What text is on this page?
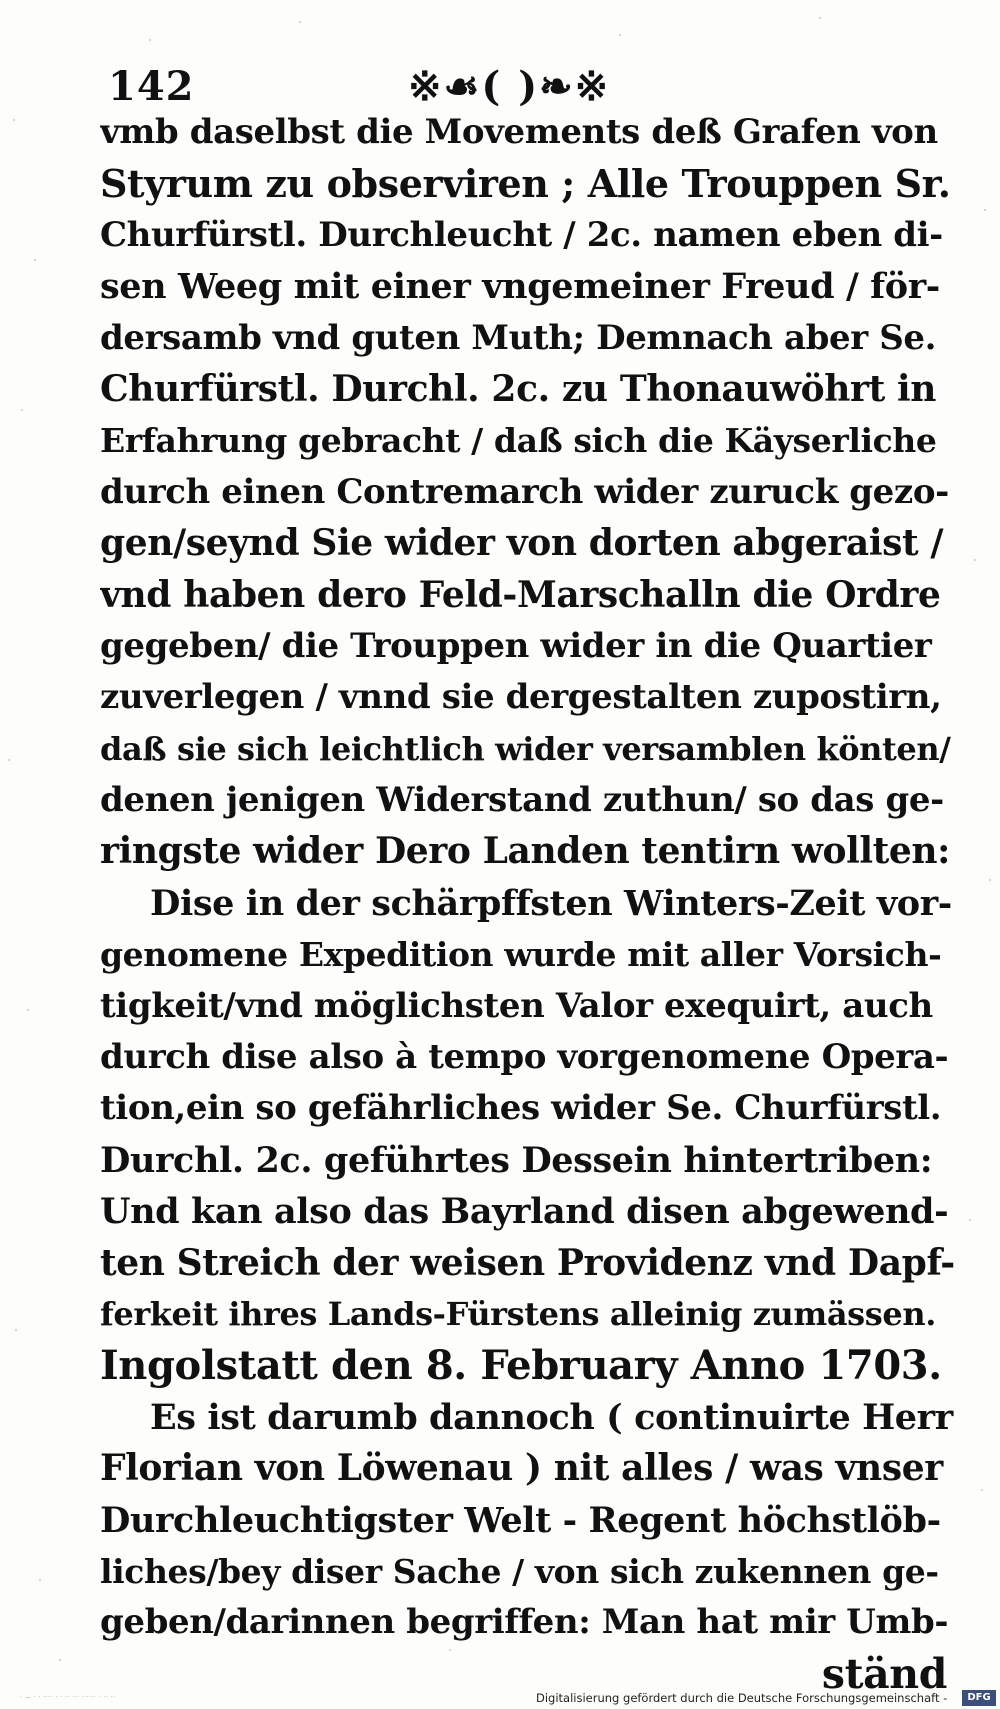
142	※☙( )❧※
vmb daselbst die Movements deß Grafen von
Styrum zu observiren ; Alle Trouppen Sr.
Churfürstl. Durchleucht / 2c. namen eben di-
sen Weeg mit einer vngemeiner Freud / för-
dersamb vnd guten Muth; Demnach aber Se.
Churfürstl. Durchl. 2c. zu Thonauwöhrt in
Erfahrung gebracht / daß sich die Käyserliche
durch einen Contremarch wider zuruck gezo-
gen/seynd Sie wider von dorten abgeraist /
vnd haben dero Feld-Marschalln die Ordre
gegeben/ die Trouppen wider in die Quartier
zuverlegen / vnnd sie dergestalten zupostirn,
daß sie sich leichtlich wider versamblen könten/
denen jenigen Widerstand zuthun/ so das ge-
ringste wider Dero Landen tentirn wollten:
Dise in der schärpffsten Winters-Zeit vor-
genomene Expedition wurde mit aller Vorsich-
tigkeit/vnd möglichsten Valor exequirt, auch
durch dise also à tempo vorgenomene Opera-
tion,ein so gefährliches wider Se. Churfürstl.
Durchl. 2c. geführtes Dessein hintertriben:
Und kan also das Bayrland disen abgewend-
ten Streich der weisen Providenz vnd Dapf-
ferkeit ihres Lands-Fürstens alleinig zumässen.
Ingolstatt den 8. February Anno 1703.
Es ist darumb dannoch ( continuirte Herr
Florian von Löwenau ) nit alles / was vnser
Durchleuchtigster Welt - Regent höchstlöb-
liches/bey diser Sache / von sich zukennen ge-
geben/darinnen begriffen: Man hat mir Umb-
ständ
· — · · ···· · · ·· ··· ······ · ·· ··	Digitalisierung gefördert durch die Deutsche Forschungsgemeinschaft -	DFG
